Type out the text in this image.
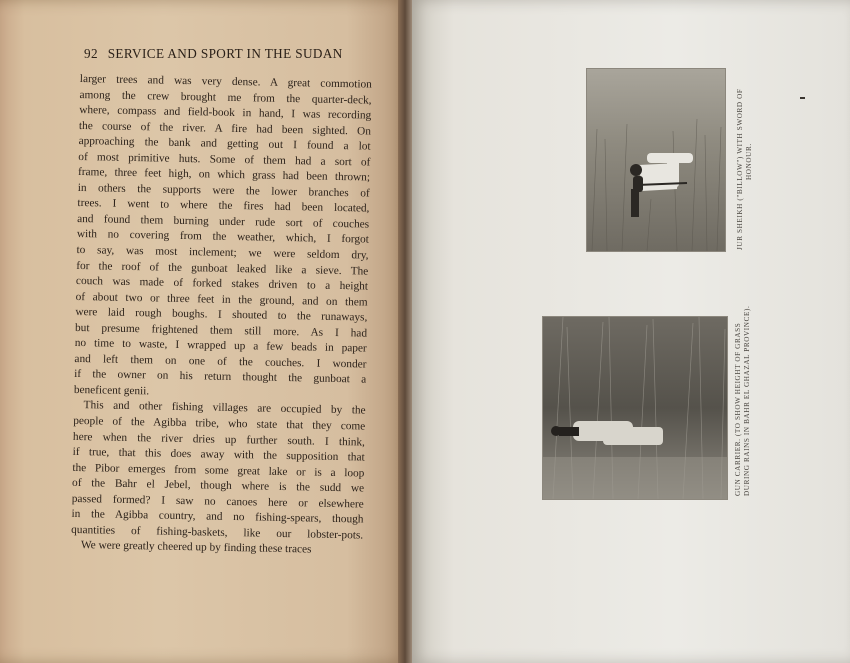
92 SERVICE AND SPORT IN THE SUDAN
larger trees and was very dense. A great commotion
among the crew brought me from the quarter-deck,
where, compass and field-book in hand, I was recording
the course of the river. A fire had been sighted. On
approaching the bank and getting out I found a lot
of most primitive huts. Some of them had a sort of
frame, three feet high, on which grass had been thrown;
in others the supports were the lower branches of
trees. I went to where the fires had been located,
and found them burning under rude sort of couches
with no covering from the weather, which, I forgot
to say, was most inclement; we were seldom dry,
for the roof of the gunboat leaked like a sieve. The
couch was made of forked stakes driven to a height
of about two or three feet in the ground, and on them
were laid rough boughs. I shouted to the runaways,
but presume frightened them still more. As I had
no time to waste, I wrapped up a few beads in paper
and left them on one of the couches. I wonder
if the owner on his return thought the gunboat a
beneficent genii.
This and other fishing villages are occupied by the
people of the Agibba tribe, who state that they come
here when the river dries up further south. I think,
if true, that this does away with the supposition that
the Pibor emerges from some great lake or is a loop
of the Bahr el Jebel, though where is the sudd we
passed formed? I saw no canoes here or elsewhere
in the Agibba country, and no fishing-spears, though
quantities of fishing-baskets, like our lobster-pots.
We were greatly cheered up by finding these traces
JUR SHEIKH ("BILLOW") WITH SWORD OF HONOUR.
GUN CARRIER. (TO SHOW HEIGHT OF GRASS DURING RAINS IN BAHR EL GHAZAL PROVINCE).
